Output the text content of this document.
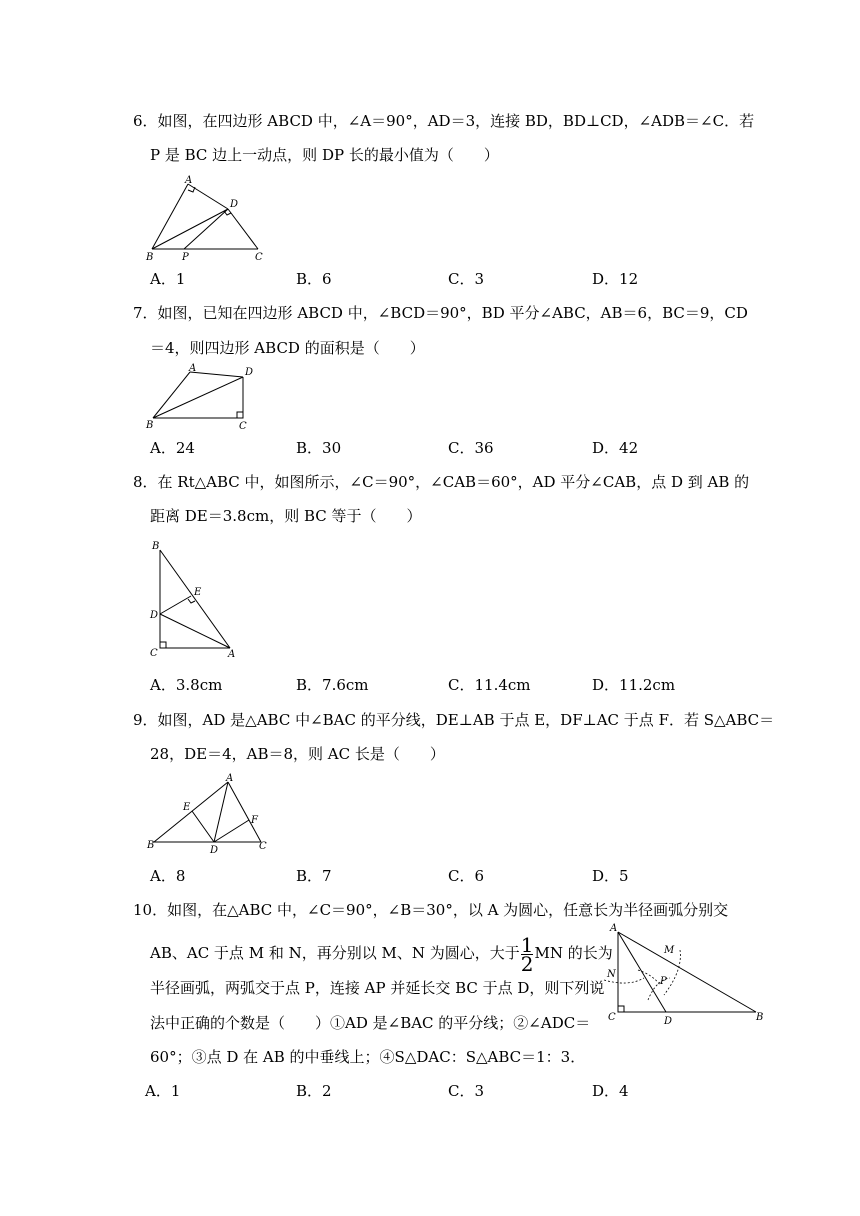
6．如图，在四边形 ABCD 中，∠A＝90°，AD＝3，连接 BD，BD⊥CD，∠ADB＝∠C．若
P 是 BC 边上一动点，则 DP 长的最小值为（　　）
A
B	C
D
P
A．1	B．6	C．3	D．12
7．如图，已知在四边形 ABCD 中，∠BCD＝90°，BD 平分∠ABC，AB＝6，BC＝9，CD
＝4，则四边形 ABCD 的面积是（　　）
A
B	C
D
A．24	B．30	C．36	D．42
8．在 Rt△ABC 中，如图所示，∠C＝90°，∠CAB＝60°，AD 平分∠CAB，点 D 到 AB 的
距离 DE＝3.8cm，则 BC 等于（　　）
B
D
E
C	A
A．3.8cm	B．7.6cm	C．11.4cm	D．11.2cm
9．如图，AD 是△ABC 中∠BAC 的平分线，DE⊥AB 于点 E，DF⊥AC 于点 F．若 S△ABC＝
28，DE＝4，AB＝8，则 AC 长是（　　）
A
E
F
B	D	C
A．8	B．7	C．6	D．5
10．如图，在△ABC 中，∠C＝90°，∠B＝30°，以 A 为圆心，任意长为半径画弧分别交
AB、AC 于点 M 和 N，再分别以 M、N 为圆心，大于 $\frac{1}{2}$ MN 的长为
半径画弧，两弧交于点 P，连接 AP 并延长交 BC 于点 D，则下列说
法中正确的个数是（　　）①AD 是∠BAC 的平分线；②∠ADC＝
60°；③点 D 在 AB 的中垂线上；④S△DAC：S△ABC＝1：3．
A
M
N
P
C	D	B
A．1	B．2	C．3	D．4
